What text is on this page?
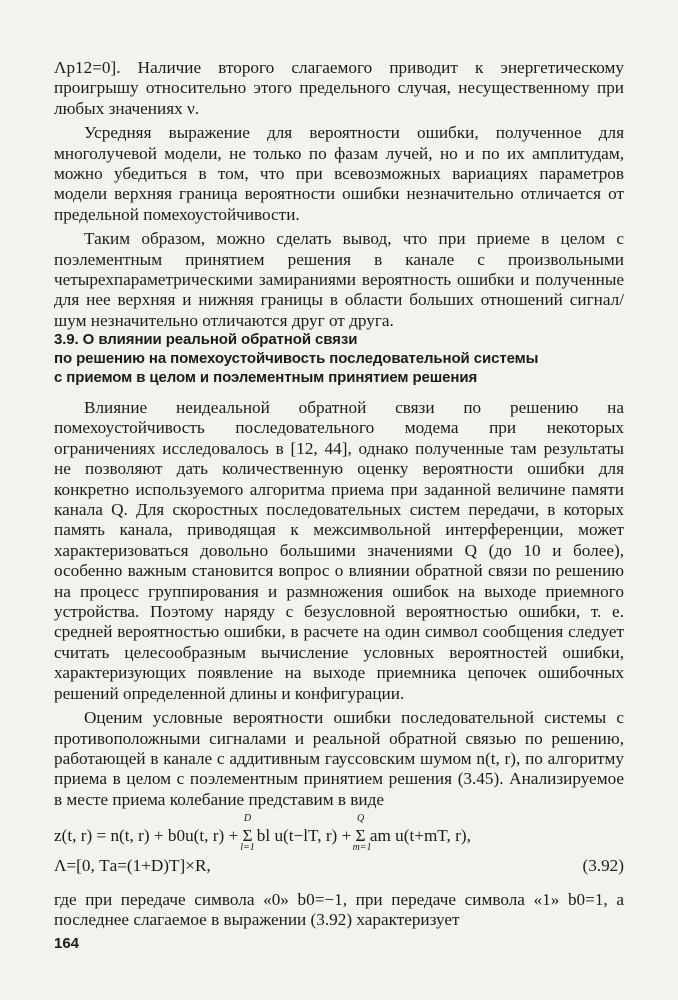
Λp12=0]. Наличие второго слагаемого приводит к энергетическому проигрышу относительно этого предельного случая, несущественному при любых значениях ν.

Усредняя выражение для вероятности ошибки, полученное для многолучевой модели, не только по фазам лучей, но и по их амплитудам, можно убедиться в том, что при всевозможных вариациях параметров модели верхняя граница вероятности ошибки незначительно отличается от предельной помехоустойчивости.

Таким образом, можно сделать вывод, что при приеме в целом с поэлементным принятием решения в канале с произвольными четырехпараметрическими замираниями вероятность ошибки и полученные для нее верхняя и нижняя границы в области больших отношений сигнал/шум незначительно отличаются друг от друга.

3.9. О влиянии реальной обратной связи
по решению на помехоустойчивость последовательной системы
с приемом в целом и поэлементным принятием решения

Влияние неидеальной обратной связи по решению на помехоустойчивость последовательного модема при некоторых ограничениях исследовалось в [12, 44], однако полученные там результаты не позволяют дать количественную оценку вероятности ошибки для конкретно используемого алгоритма приема при заданной величине памяти канала Q. Для скоростных последовательных систем передачи, в которых память канала, приводящая к межсимвольной интерференции, может характеризоваться довольно большими значениями Q (до 10 и более), особенно важным становится вопрос о влиянии обратной связи по решению на процесс группирования и размножения ошибок на выходе приемного устройства. Поэтому наряду с безусловной вероятностью ошибки, т. е. средней вероятностью ошибки, в расчете на один символ сообщения следует считать целесообразным вычисление условных вероятностей ошибки, характеризующих появление на выходе приемника цепочек ошибочных решений определенной длины и конфигурации.

Оценим условные вероятности ошибки последовательной системы с противоположными сигналами и реальной обратной связью по решению, работающей в канале с аддитивным гауссовским шумом n(t, r), по алгоритму приема в целом с поэлементным принятием решения (3.45). Анализируемое в месте приема колебание представим в виде

z(t, r) = n(t, r) + b0u(t, r) + Σ bl u(t−lT, r) + Σ am u(t+mT, r),
D
l=1
Q
m=1
Λ=[0, Tа=(1+D)T]×R,	(3.92)

где при передаче символа «0» b0=−1, при передаче символа «1» b0=1, а последнее слагаемое в выражении (3.92) характеризует

164
